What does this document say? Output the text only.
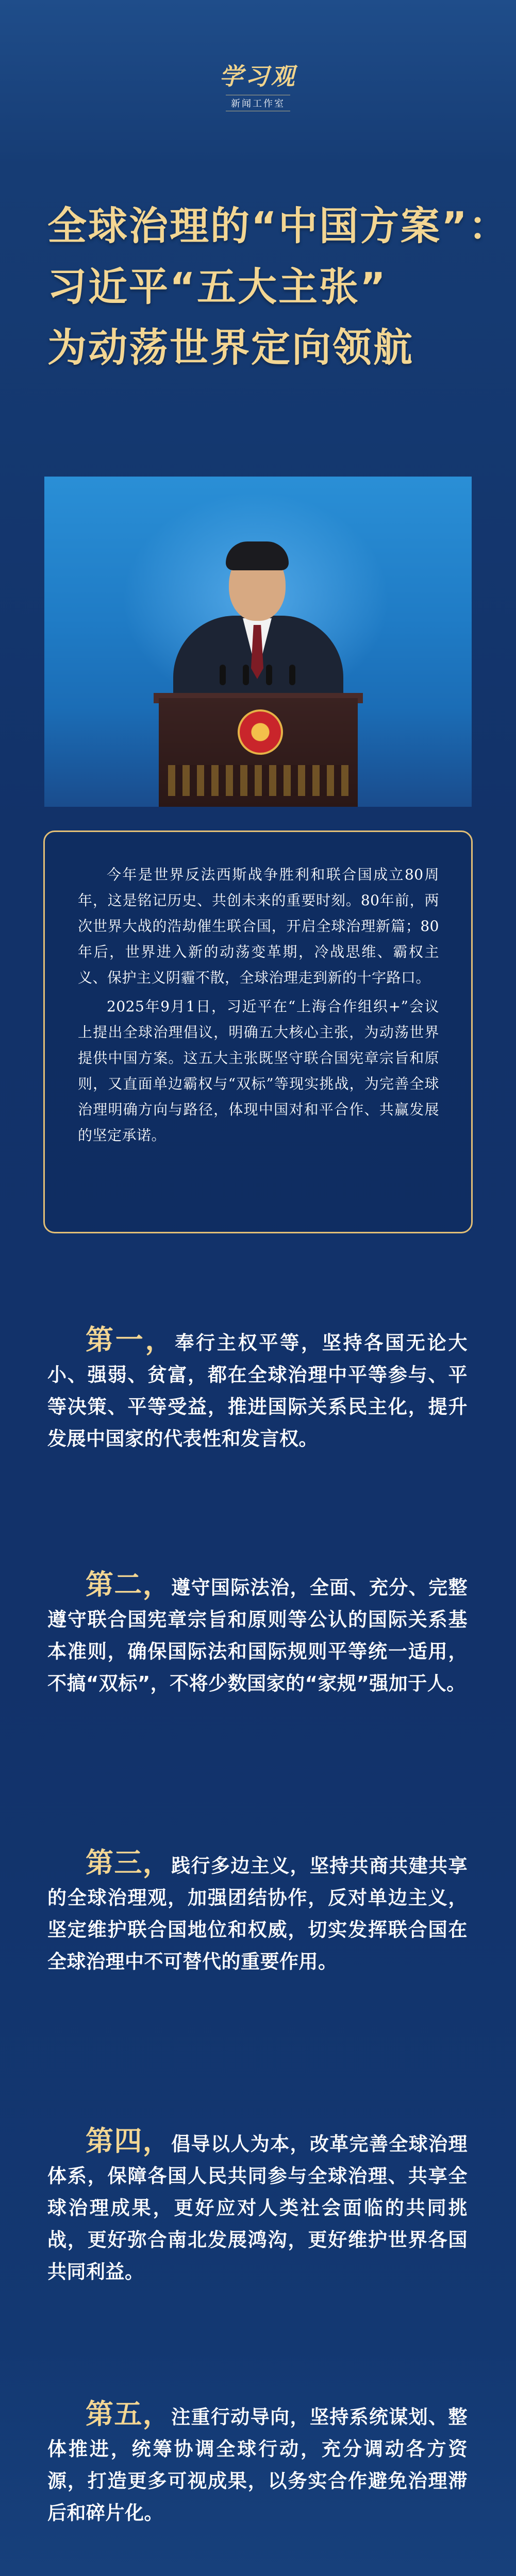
学习观
新闻工作室
全球治理的“中国方案”：
习近平“五大主张”
为动荡世界定向领航

今年是世界反法西斯战争胜利和联合国成立80周年，这是铭记历史、共创未来的重要时刻。80年前，两次世界大战的浩劫催生联合国，开启全球治理新篇；80年后，世界进入新的动荡变革期，冷战思维、霸权主义、保护主义阴霾不散，全球治理走到新的十字路口。

2025年9月1日，习近平在“上海合作组织+”会议上提出全球治理倡议，明确五大核心主张，为动荡世界提供中国方案。这五大主张既坚守联合国宪章宗旨和原则，又直面单边霸权与“双标”等现实挑战，为完善全球治理明确方向与路径，体现中国对和平合作、共赢发展的坚定承诺。

第一，奉行主权平等，坚持各国无论大小、强弱、贫富，都在全球治理中平等参与、平等决策、平等受益，推进国际关系民主化，提升发展中国家的代表性和发言权。
第二，遵守国际法治，全面、充分、完整遵守联合国宪章宗旨和原则等公认的国际关系基本准则，确保国际法和国际规则平等统一适用，不搞“双标”，不将少数国家的“家规”强加于人。
第三，践行多边主义，坚持共商共建共享的全球治理观，加强团结协作，反对单边主义，坚定维护联合国地位和权威，切实发挥联合国在全球治理中不可替代的重要作用。
第四，倡导以人为本，改革完善全球治理体系，保障各国人民共同参与全球治理、共享全球治理成果，更好应对人类社会面临的共同挑战，更好弥合南北发展鸿沟，更好维护世界各国共同利益。
第五，注重行动导向，坚持系统谋划、整体推进，统筹协调全球行动，充分调动各方资源，打造更多可视成果，以务实合作避免治理滞后和碎片化。
